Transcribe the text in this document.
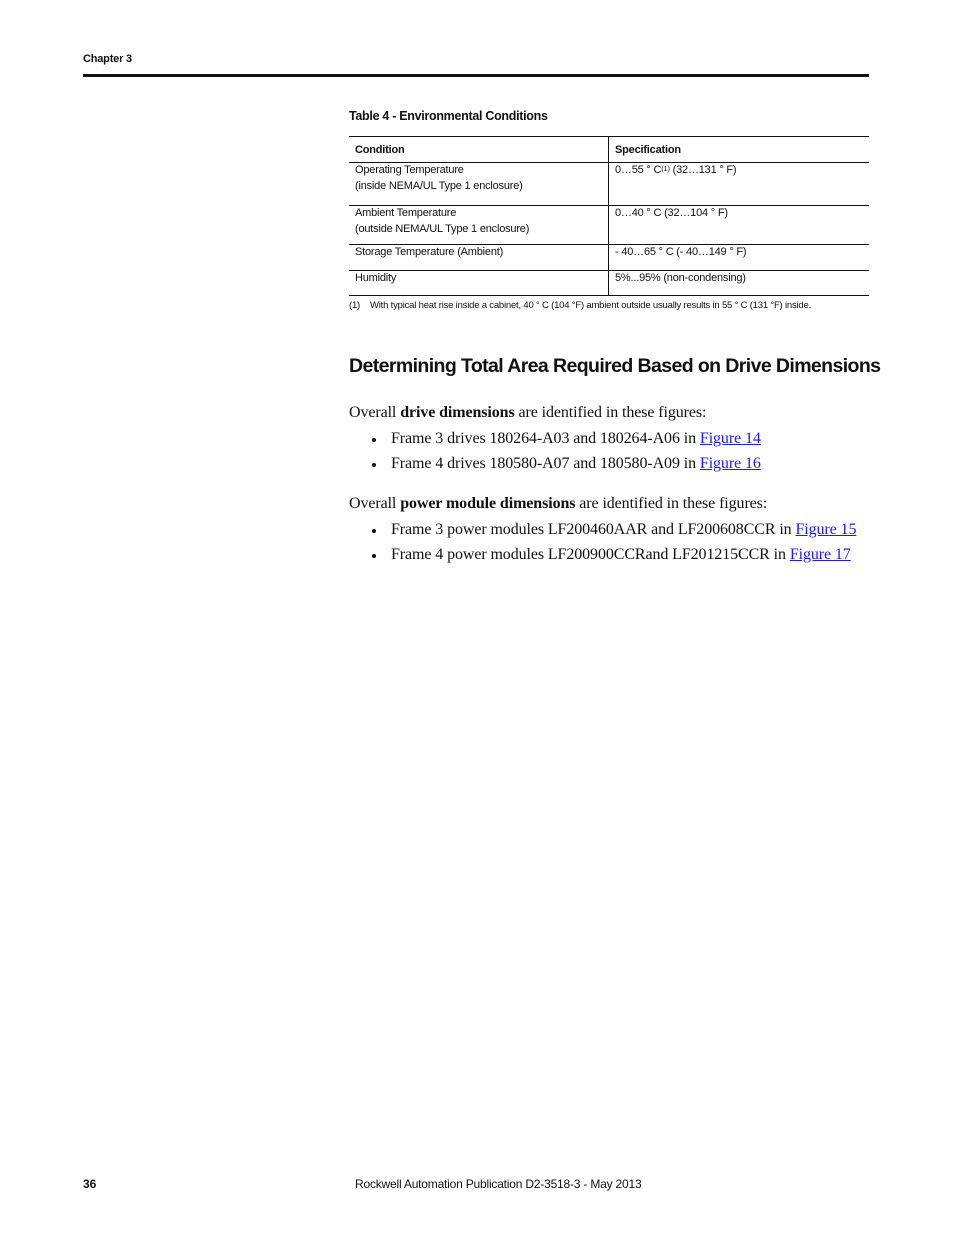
Chapter 3
Table 4 - Environmental Conditions
Condition	Specification
Operating Temperature
(inside NEMA/UL Type 1 enclosure)	0…55 ° $C^{(1)}$ (32…131 ° F)
Ambient Temperature
(outside NEMA/UL Type 1 enclosure)	0…40 ° C (32…104 ° F)
Storage Temperature (Ambient)	- 40…65 ° C (- 40…149 ° F)
Humidity	5%...95% (non-condensing)
(1) With typical heat rise inside a cabinet, 40 ° C (104 °F) ambient outside usually results in 55 ° C (131 °F) inside.
Determining Total Area Required Based on Drive Dimensions
Overall drive dimensions are identified in these figures:
Frame 3 drives 180264-A03 and 180264-A06 in Figure 14
Frame 4 drives 180580-A07 and 180580-A09 in Figure 16
Overall power module dimensions are identified in these figures:
Frame 3 power modules LF200460AAR and LF200608CCR in Figure 15
Frame 4 power modules LF200900CCRand LF201215CCR in Figure 17
36	Rockwell Automation Publication D2-3518-3 - May 2013
